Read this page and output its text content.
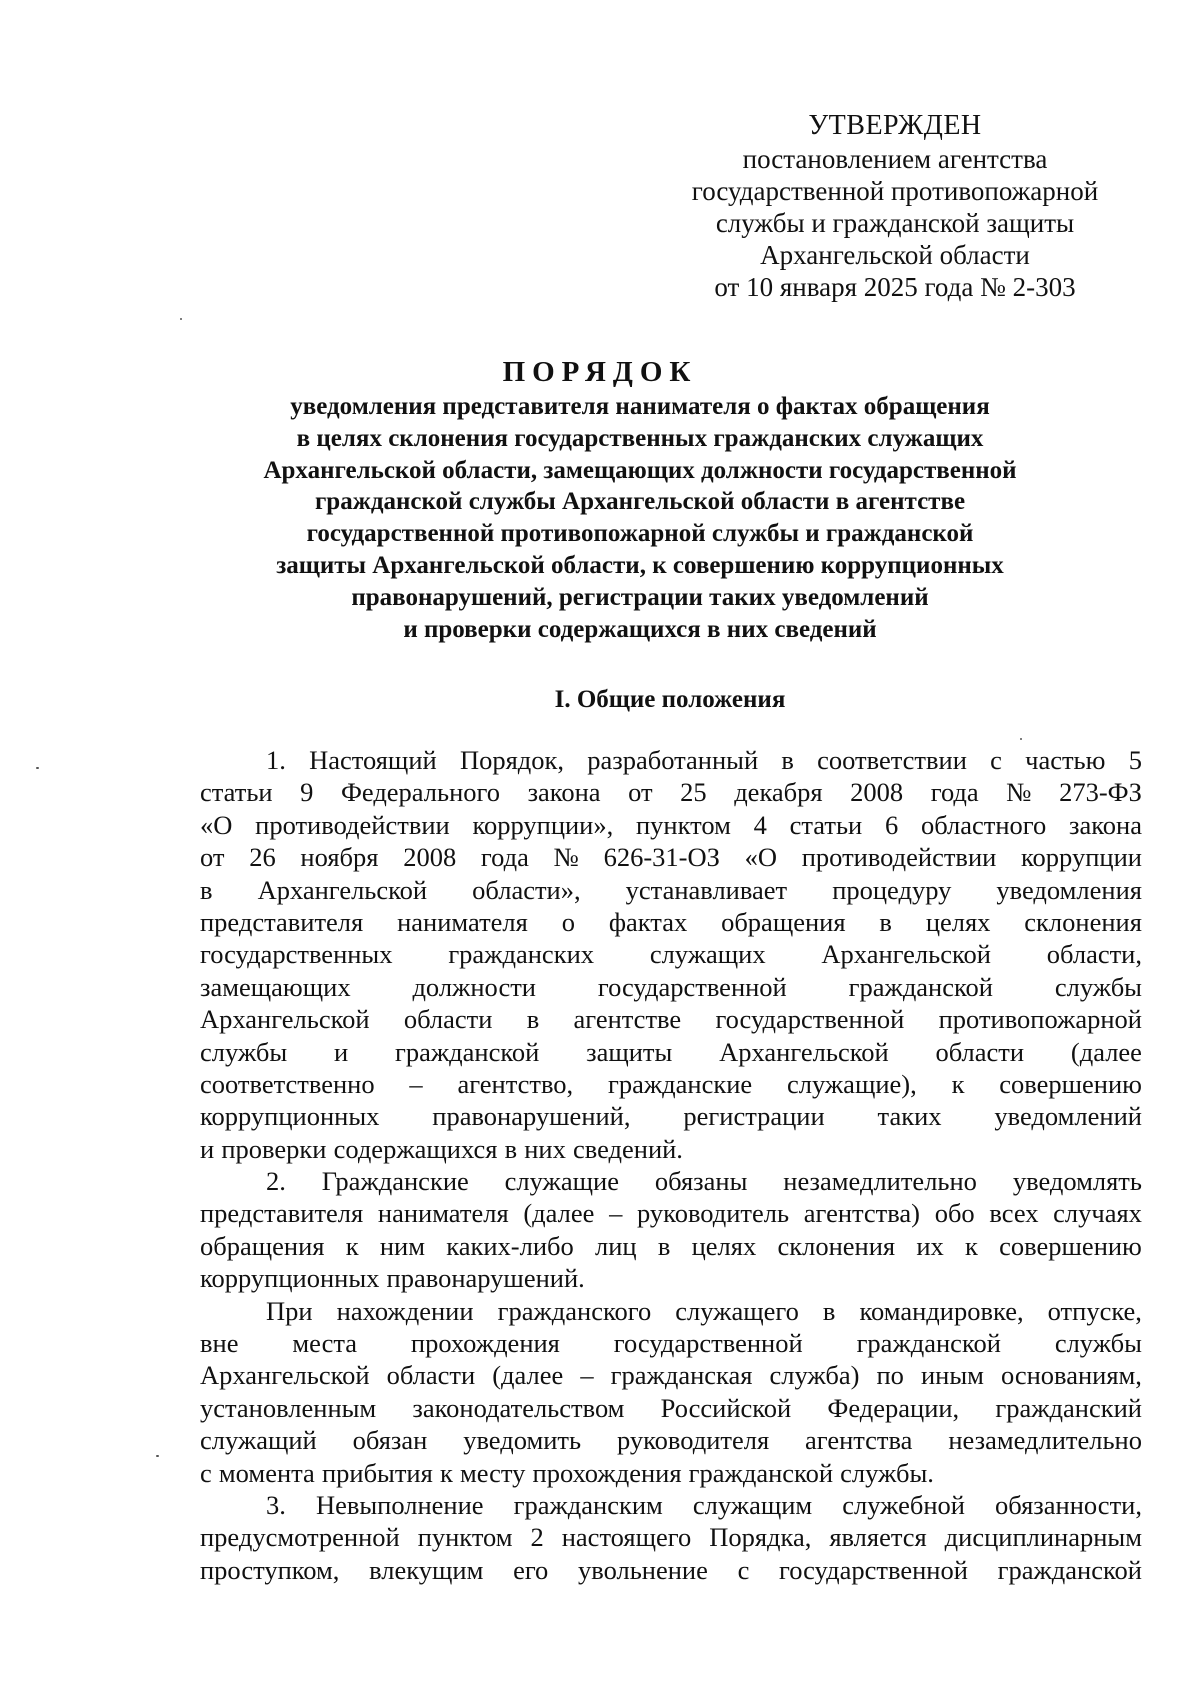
УТВЕРЖДЕН
постановлением агентства
государственной противопожарной
службы и гражданской защиты
Архангельской области
от 10 января 2025 года № 2-303
ПОРЯДОК
уведомления представителя нанимателя о фактах обращения
в целях склонения государственных гражданских служащих
Архангельской области, замещающих должности государственной
гражданской службы Архангельской области в агентстве
государственной противопожарной службы и гражданской
защиты Архангельской области, к совершению коррупционных
правонарушений, регистрации таких уведомлений
и проверки содержащихся в них сведений
I. Общие положения
1. Настоящий Порядок, разработанный в соответствии с частью 5
статьи 9 Федерального закона от 25 декабря 2008 года № 273-ФЗ
«О противодействии коррупции», пунктом 4 статьи 6 областного закона
от 26 ноября 2008 года № 626-31-ОЗ «О противодействии коррупции
в Архангельской области», устанавливает процедуру уведомления
представителя нанимателя о фактах обращения в целях склонения
государственных гражданских служащих Архангельской области,
замещающих должности государственной гражданской службы
Архангельской области в агентстве государственной противопожарной
службы и гражданской защиты Архангельской области (далее
соответственно – агентство, гражданские служащие), к совершению
коррупционных правонарушений, регистрации таких уведомлений
и проверки содержащихся в них сведений.
2. Гражданские служащие обязаны незамедлительно уведомлять
представителя нанимателя (далее – руководитель агентства) обо всех случаях
обращения к ним каких-либо лиц в целях склонения их к совершению
коррупционных правонарушений.
При нахождении гражданского служащего в командировке, отпуске,
вне места прохождения государственной гражданской службы
Архангельской области (далее – гражданская служба) по иным основаниям,
установленным законодательством Российской Федерации, гражданский
служащий обязан уведомить руководителя агентства незамедлительно
с момента прибытия к месту прохождения гражданской службы.
3. Невыполнение гражданским служащим служебной обязанности,
предусмотренной пунктом 2 настоящего Порядка, является дисциплинарным
проступком, влекущим его увольнение с государственной гражданской
